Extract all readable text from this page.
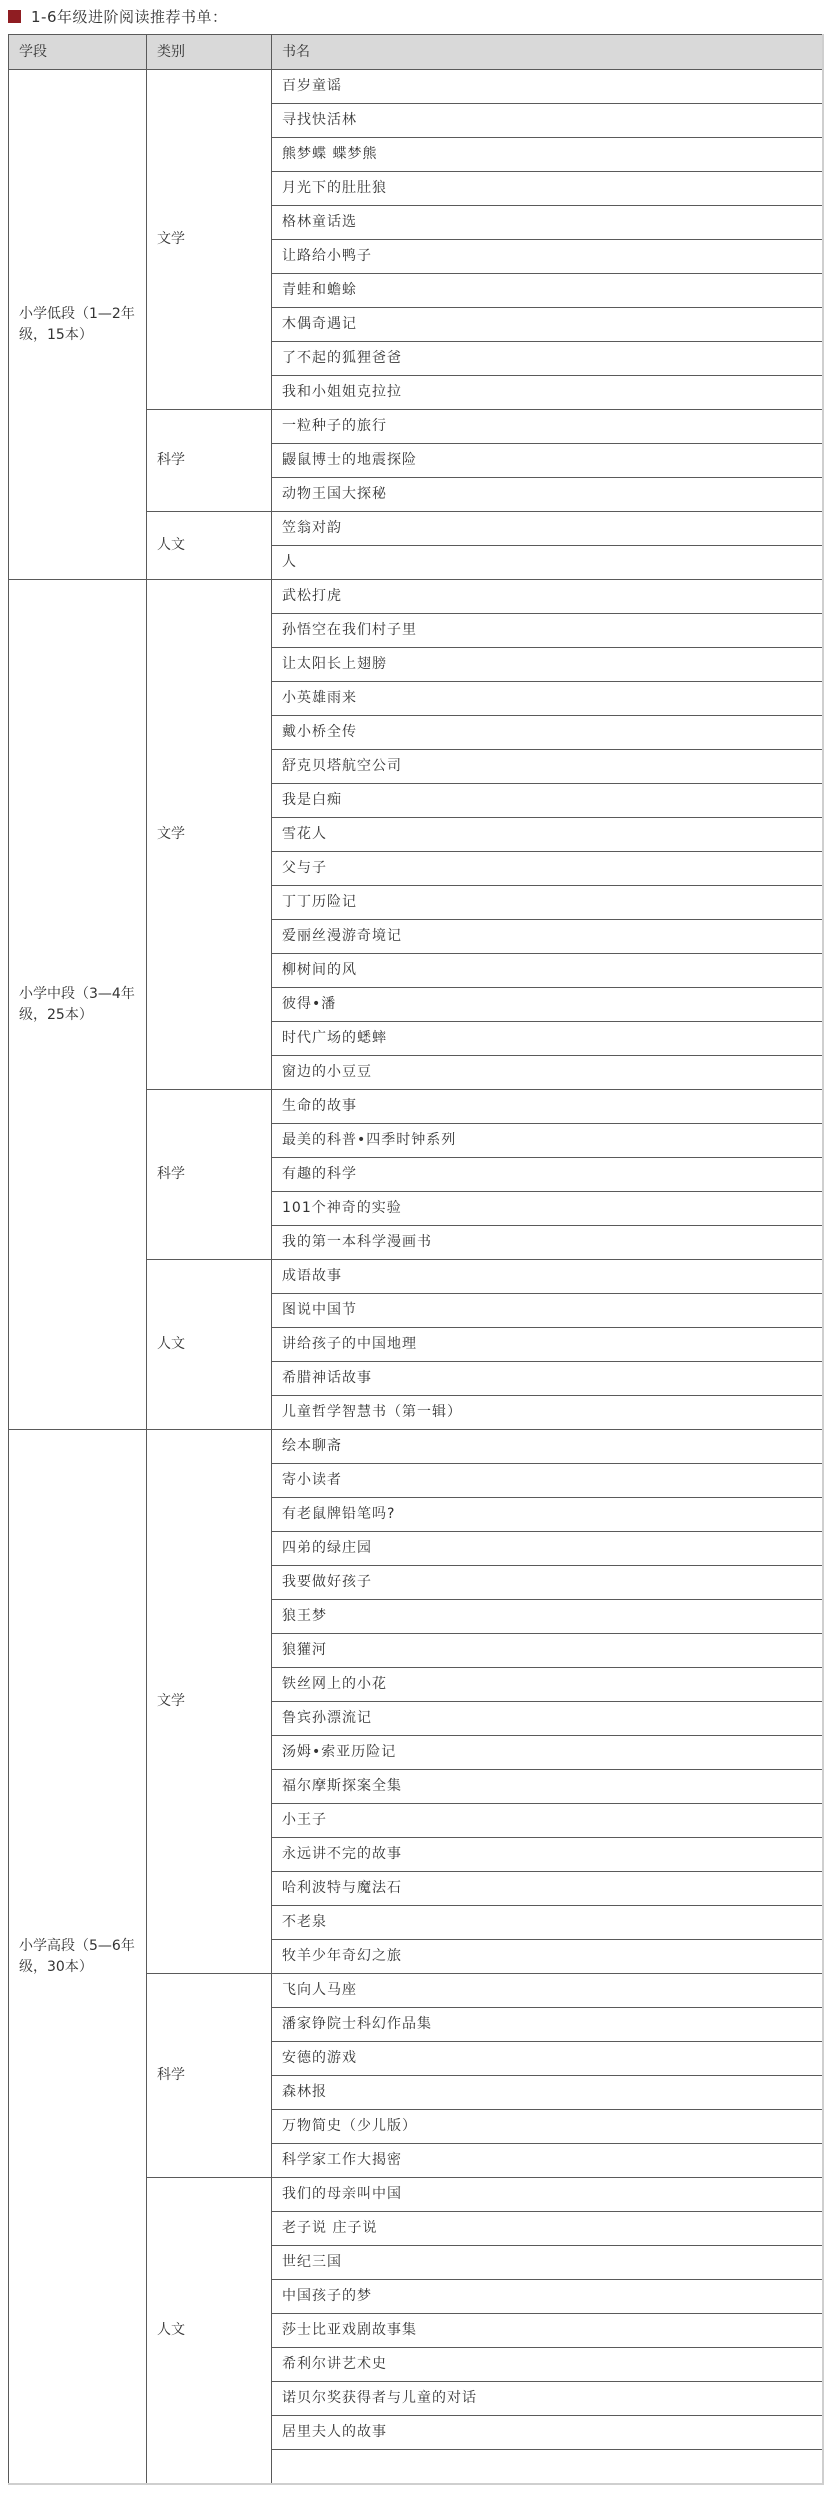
1-6年级进阶阅读推荐书单：
学段	类别	书名
小学低段（1—2年级，15本）	文学	百岁童谣
		寻找快活林
		熊梦蝶 蝶梦熊
		月光下的肚肚狼
		格林童话选
		让路给小鸭子
		青蛙和蟾蜍
		木偶奇遇记
		了不起的狐狸爸爸
		我和小姐姐克拉拉
	科学	一粒种子的旅行
		鼹鼠博士的地震探险
		动物王国大探秘
	人文	笠翁对韵
		人
小学中段（3—4年级，25本）	文学	武松打虎
		孙悟空在我们村子里
		让太阳长上翅膀
		小英雄雨来
		戴小桥全传
		舒克贝塔航空公司
		我是白痴
		雪花人
		父与子
		丁丁历险记
		爱丽丝漫游奇境记
		柳树间的风
		彼得•潘
		时代广场的蟋蟀
		窗边的小豆豆
	科学	生命的故事
		最美的科普•四季时钟系列
		有趣的科学
		101个神奇的实验
		我的第一本科学漫画书
	人文	成语故事
		图说中国节
		讲给孩子的中国地理
		希腊神话故事
		儿童哲学智慧书（第一辑）
小学高段（5—6年级，30本）	文学	绘本聊斋
		寄小读者
		有老鼠牌铅笔吗?
		四弟的绿庄园
		我要做好孩子
		狼王梦
		狼獾河
		铁丝网上的小花
		鲁宾孙漂流记
		汤姆•索亚历险记
		福尔摩斯探案全集
		小王子
		永远讲不完的故事
		哈利波特与魔法石
		不老泉
		牧羊少年奇幻之旅
	科学	飞向人马座
		潘家铮院士科幻作品集
		安德的游戏
		森林报
		万物简史（少儿版）
		科学家工作大揭密
	人文	我们的母亲叫中国
		老子说 庄子说
		世纪三国
		中国孩子的梦
		莎士比亚戏剧故事集
		希利尔讲艺术史
		诺贝尔奖获得者与儿童的对话
		居里夫人的故事
